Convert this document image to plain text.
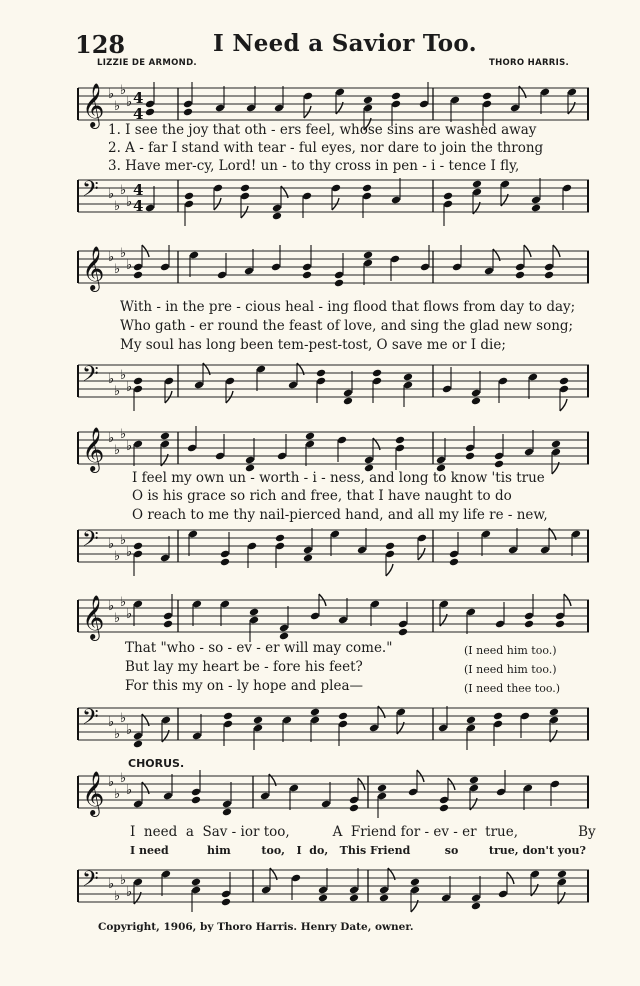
128	I Need a Savior Too.
LIZZIE DE ARMOND.	THORO HARRIS.
𝄞 ♭
♭
♭
♭ 4
4
𝄢 ♭
♭
♭
♭
4
4
𝄞 ♭
♭
♭
♭
𝄢 ♭
♭
♭
♭
𝄞 ♭
♭
♭
♭
𝄢 ♭
♭
♭
♭
𝄞 ♭
♭
♭
♭
𝄢 ♭
♭
♭
♭
𝄞 ♭
♭
♭
♭
𝄢 ♭
♭
♭
♭
1. I see the joy that oth - ers feel, whose sins are washed away
2. A - far I stand with tear - ful eyes, nor dare to join the throng
3. Have mer-cy, Lord! un - to thy cross in pen - i - tence I fly,
With - in the pre - cious heal - ing flood that flows from day to day;
Who gath - er round the feast of love, and sing the glad new song;
My soul has long been tem-pest-tost, O save me or I die;
I feel my own un - worth - i - ness, and long to know 'tis true
O is his grace so rich and free, that I have naught to do
O reach to me thy nail-pierced hand, and all my life re - new,
That "who - so - ev - er will may come."
But lay my heart be - fore his feet?
For this my on - ly hope and plea—
(I need him too.)
(I need him too.)
(I need thee too.)
CHORUS.
I  need  a  Sav - ior too,          A  Friend for - ev - er  true,              By
I need          him        too,   I  do,   This Friend         so        true, don't you?
Copyright, 1906, by Thoro Harris. Henry Date, owner.
